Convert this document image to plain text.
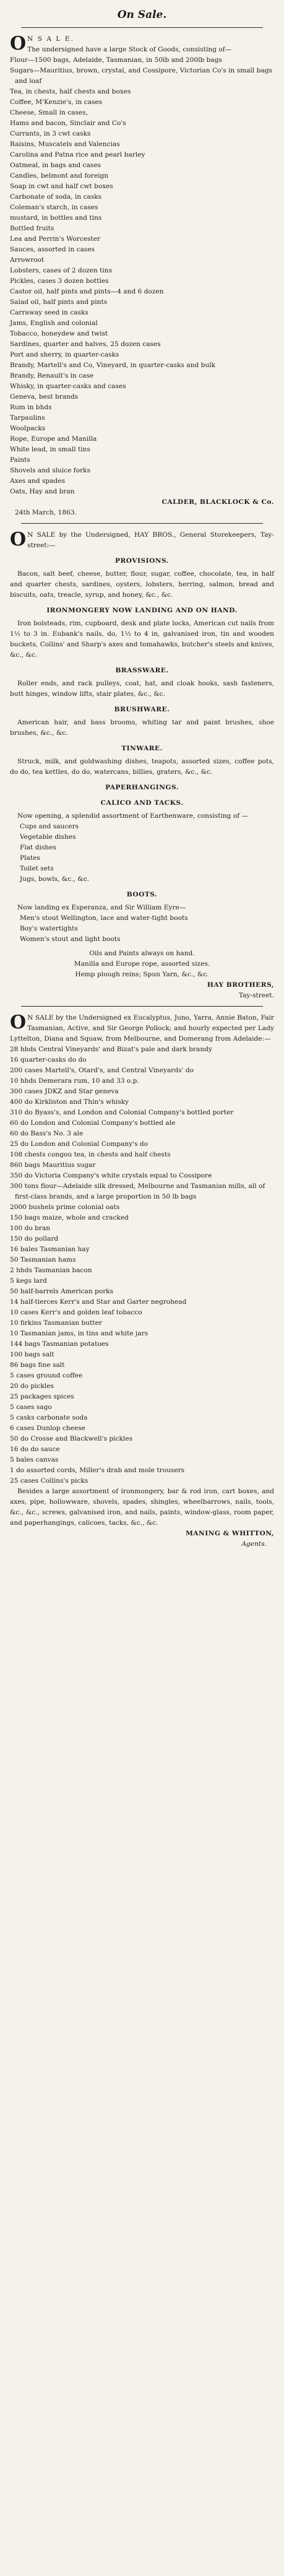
On Sale.
O N S A L E.
The undersigned have a large Stock of Goods, consisting of—
Flour—1500 bags, Adelaide, Tasmanian, in 50lb and 200lb bags
Sugars—Mauritius, brown, crystal, and Cossipore, Victorian Co's in small bags and loaf
Tea, in chests, half chests and boxes
Coffee, M'Kenzie's, in cases
Cheese, Small in cases,
Hams and bacon, Sinclair and Co's
Currants, in 3 cwt casks
Raisins, Muscatels and Valencias
Carolina and Patna rice and pearl barley
Oatmeal, in bags and cases
Candles, belmont and foreign
Soap in cwt and half cwt boxes
Carbonate of soda, in casks
Coleman's starch, in cases
mustard, in bottles and tins
Bottled fruits
Lea and Perrin's Worcester
Sauces, assorted in cases
Arrowroot
Lobsters, cases of 2 dozen tins
Pickles, cases 3 dozen bottles
Castor oil, half pints and pints—4 and 6 dozen
Salad oil, half pints and pints
Carraway seed in casks
Jams, English and colonial
Tobacco, honeydew and twist
Sardines, quarter and halves, 25 dozen cases
Port and sherry, in quarter-casks
Brandy, Martell's and Co, Vineyard, in quarter-casks and bulk
Brandy, Renault's in case
Whisky, in quarter-casks and cases
Geneva, best brands
Rum in bhds
Tarpaulins
Woolpacks
Rope, Europe and Manilla
White lead, in small tins
Paints
Shovels and sluice forks
Axes and spades
Oats, Hay and bran
CALDER, BLACKLOCK & Co.
24th March, 1863.
O N SALE by the Undersigned, HAY BROS., General Storekeepers, Tay-street:—
PROVISIONS.
Bacon, salt beef, cheese, butter, flour, sugar, coffee, chocolate, tea, in half and quarter chests, sardines, oysters, lobsters, herring, salmon, bread and biscuits, oats, treacle, syrup, and honey, &c., &c.
IRONMONGERY NOW LANDING AND ON HAND.
Iron bolsteads, rim, cupboard, desk and plate locks, American cut nails from 1½ to 3 in. Eubank's nails, do, 1½ to 4 in, galvanised iron, tin and wooden buckets, Collins' and Sharp's axes and tomahawks, butcher's steels and knives, &c., &c.
BRASSWARE.
Roller ends, and rack pulleys, coat, hat, and cloak hooks, sash fasteners, butt hinges, window lifts, stair plates, &c., &c.
BRUSHWARE.
American hair, and bass brooms, whiting tar and paint brushes, shoe brushes, &c., &c.
TINWARE.
Struck, milk, and goldwashing dishes, teapots, assorted sizes, coffee pots, do do, tea kettles, do do, watercans, billies, graters, &c., &c.
PAPERHANGINGS.
CALICO AND TACKS.
Now opening, a splendid assortment of Earthenware, consisting of —
Cups and saucers
Vegetable dishes
Flat dishes
Plates
Toilet sets
Jugs, bowls, &c., &c.
BOOTS.
Now landing ex Esperanza, and Sir William Eyre—
Men's stout Wellington, lace and water-tight boots
Boy's watertights
Women's stout and light boots
Oils and Paints always on hand.
Manilla and Europe rope, assorted sizes.
Hemp plough reins; Spun Yarn, &c., &c.
HAY BROTHERS,
Tay-street.
O N SALE by the Undersigned ex Eucalyptus, Juno, Yarra, Annie Baton, Fair Tasmanian, Active, and Sir George Pollock; and hourly expected per Lady Lyttelton, Diana and Squaw, from Melbourne, and Domerang from Adelaide:—
28 hhds Central Vineyards' and Bizat's pale and dark brandy
16 quarter-casks do do
200 cases Martell's, Otard's, and Central Vineyards' do
10 hhds Demerara rum, 10 and 33 o.p.
300 cases JDKZ and Star geneva
400 do Kirkliston and Thin's whisky
310 do Byass's, and London and Colonial Company's bottled porter
60 do London and Colonial Company's bottled ale
60 do Bass's No. 3 ale
25 do London and Colonial Company's do
108 chests congou tea, in chests and half chests
860 bags Mauritius sugar
350 do Victoria Company's white crystals equal to Cossipore
300 tons flour—Adelaide silk dressed, Melbourne and Tasmanian mills, all of first-class brands, and a large proportion in 50 lb bags
2000 bushels prime colonial oats
150 bags maize, whole and cracked
100 do bran
150 do pollard
16 bales Tasmanian hay
50 Tasmanian hams
2 hhds Tasmanian bacon
5 kegs lard
50 half-barrels American porks
14 half-tierces Kerr's and Star and Garter negrohead
10 cases Kerr's and golden leaf tobacco
10 firkins Tasmanian butter
10 Tasmanian jams, in tins and white jars
144 bags Tasmanian potatoes
100 bags salt
86 bags fine salt
5 cases ground coffee
20 do pickles
25 packages spices
5 cases sago
5 casks carbonate soda
6 cases Dunlop cheese
50 do Crosse and Blackwell's pickles
16 do do sauce
5 bales canvas
1 do assorted cords, Miller's drab and mole trousers
25 cases Collins's picks
Besides a large assortment of ironmongery, bar & rod iron, cart boxes, and axes, pipe, hollowware, shovels, spades, shingles, wheelbarrows, nails, tools, &c., &c., screws, galvanised iron, and nails, paints, window-glass, room paper, and paperhangings, calicoes, tacks, &c., &c.
MANING & WHITTON,
Agents.
